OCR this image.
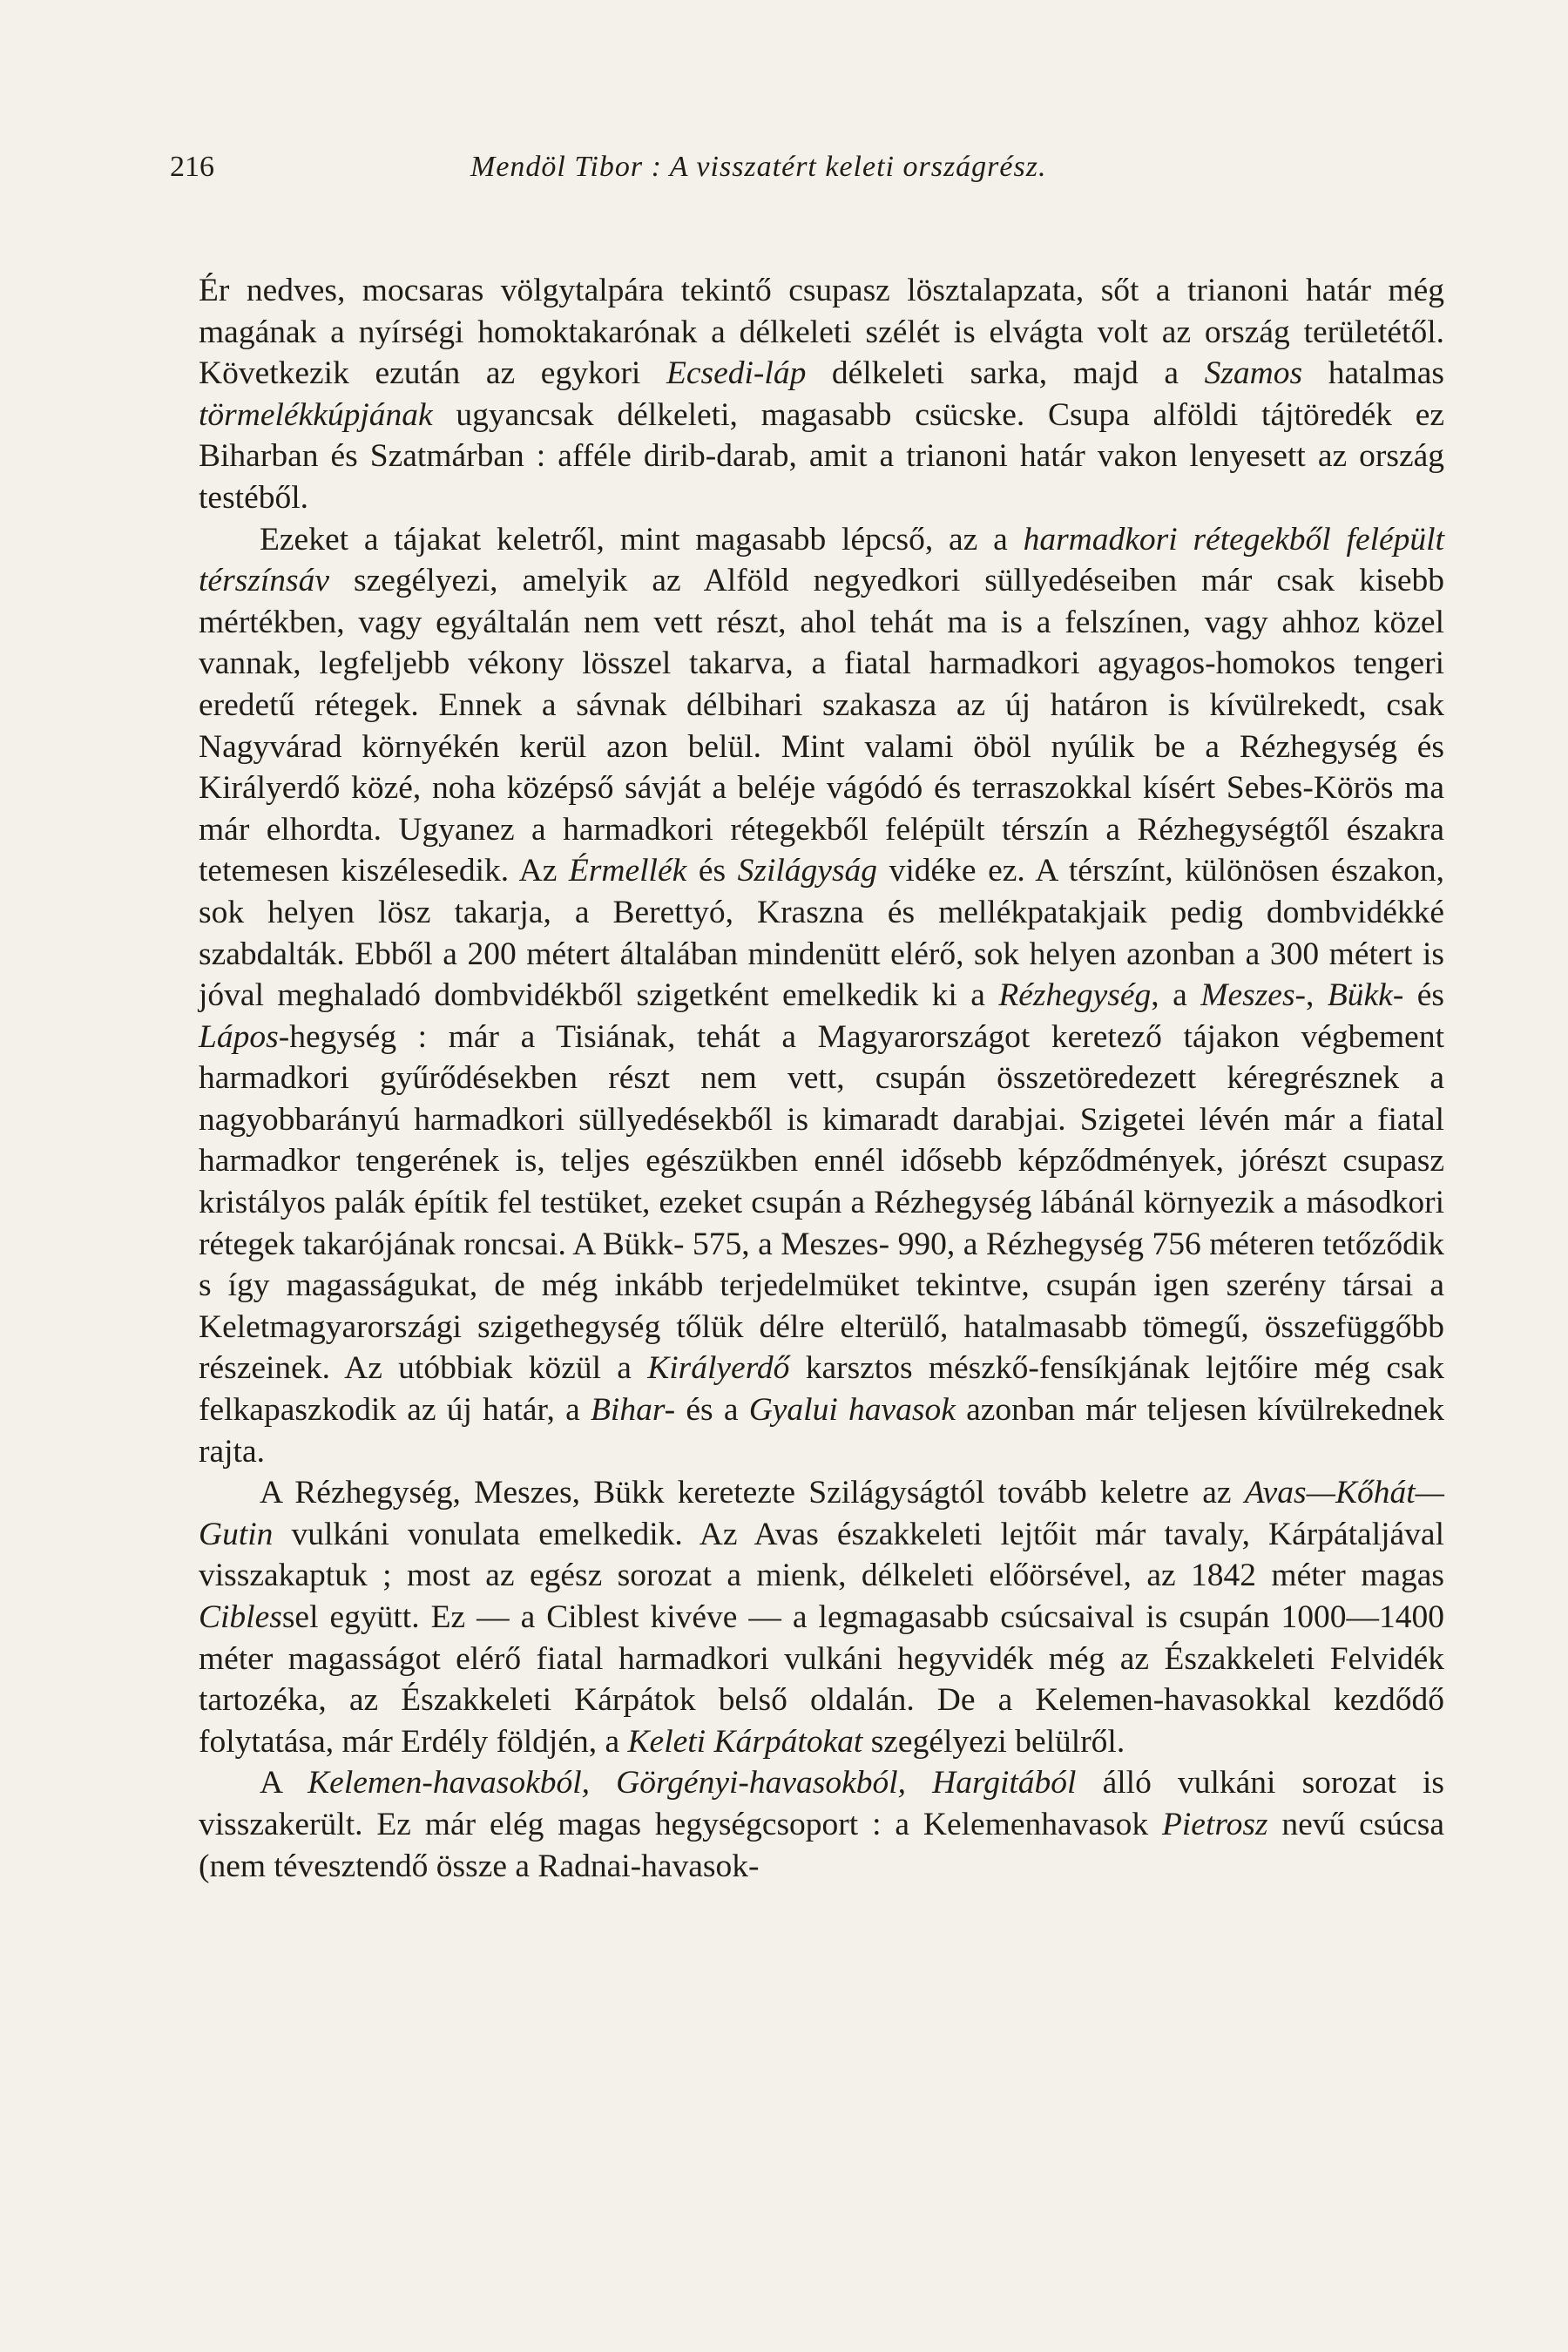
216	Mendöl Tibor : A visszatért keleti országrész.

Ér nedves, mocsaras völgytalpára tekintő csupasz lösztalapzata, sőt a trianoni határ még magának a nyírségi homoktakarónak a délkeleti szélét is elvágta volt az ország területétől. Következik ezután az egykori Ecsedi-láp délkeleti sarka, majd a Szamos hatalmas törmelékkúpjának ugyancsak délkeleti, magasabb csücske. Csupa alföldi tájtöredék ez Biharban és Szatmárban : afféle dirib-darab, amit a trianoni határ vakon lenyesett az ország testéből.

Ezeket a tájakat keletről, mint magasabb lépcső, az a harmadkori rétegekből felépült térszínsáv szegélyezi, amelyik az Alföld negyedkori süllyedéseiben már csak kisebb mértékben, vagy egyáltalán nem vett részt, ahol tehát ma is a felszínen, vagy ahhoz közel vannak, legfeljebb vékony lösszel takarva, a fiatal harmadkori agyagos-homokos tengeri eredetű rétegek. Ennek a sávnak délbihari szakasza az új határon is kívülrekedt, csak Nagyvárad környékén kerül azon belül. Mint valami öböl nyúlik be a Rézhegység és Királyerdő közé, noha középső sávját a beléje vágódó és terraszokkal kísért Sebes-Körös ma már elhordta. Ugyanez a harmadkori rétegekből felépült térszín a Rézhegységtől északra tetemesen kiszélesedik. Az Érmellék és Szilágyság vidéke ez. A térszínt, különösen északon, sok helyen lösz takarja, a Berettyó, Kraszna és mellékpatakjaik pedig dombvidékké szabdalták. Ebből a 200 métert általában mindenütt elérő, sok helyen azonban a 300 métert is jóval meghaladó dombvidékből szigetként emelkedik ki a Rézhegység, a Meszes-, Bükk- és Lápos-hegység : már a Tisiának, tehát a Magyarországot keretező tájakon végbement harmadkori gyűrődésekben részt nem vett, csupán összetöredezett kéregrésznek a nagyobbarányú harmadkori süllyedésekből is kimaradt darabjai. Szigetei lévén már a fiatal harmadkor tengerének is, teljes egészükben ennél idősebb képződmények, jórészt csupasz kristályos palák építik fel testüket, ezeket csupán a Rézhegység lábánál környezik a másodkori rétegek takarójának roncsai. A Bükk- 575, a Meszes- 990, a Rézhegység 756 méteren tetőződik s így magasságukat, de még inkább terjedelmüket tekintve, csupán igen szerény társai a Keletmagyarországi szigethegység tőlük délre elterülő, hatalmasabb tömegű, összefüggőbb részeinek. Az utóbbiak közül a Királyerdő karsztos mészkő-fensíkjának lejtőire még csak felkapaszkodik az új határ, a Bihar- és a Gyalui havasok azonban már teljesen kívülrekednek rajta.

A Rézhegység, Meszes, Bükk keretezte Szilágyságtól tovább keletre az Avas—Kőhát—Gutin vulkáni vonulata emelkedik. Az Avas északkeleti lejtőit már tavaly, Kárpátaljával visszakaptuk ; most az egész sorozat a mienk, délkeleti előörsével, az 1842 méter magas Ciblessel együtt. Ez — a Ciblest kivéve — a legmagasabb csúcsaival is csupán 1000—1400 méter magasságot elérő fiatal harmadkori vulkáni hegyvidék még az Északkeleti Felvidék tartozéka, az Északkeleti Kárpátok belső oldalán. De a Kelemen-havasokkal kezdődő folytatása, már Erdély földjén, a Keleti Kárpátokat szegélyezi belülről.

A Kelemen-havasokból, Görgényi-havasokból, Hargitából álló vulkáni sorozat is visszakerült. Ez már elég magas hegységcsoport : a Kelemenhavasok Pietrosz nevű csúcsa (nem tévesztendő össze a Radnai-havasok-
